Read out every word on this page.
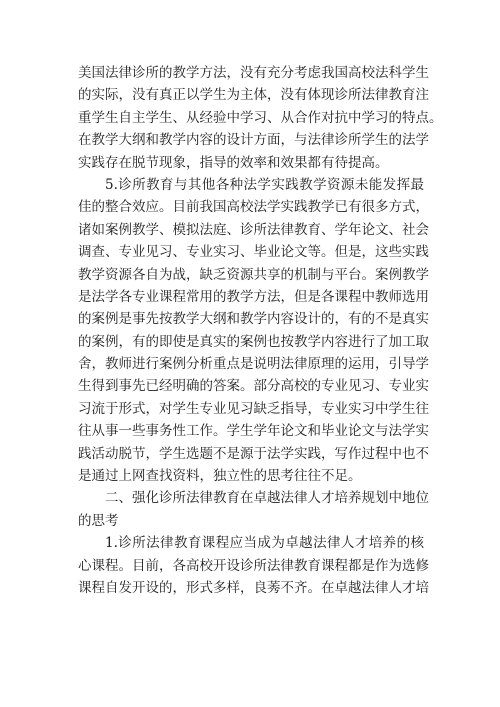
美国法律诊所的教学方法，没有充分考虑我国高校法科学生
的实际，没有真正以学生为主体，没有体现诊所法律教育注
重学生自主学生、从经验中学习、从合作对抗中学习的特点。
在教学大纲和教学内容的设计方面，与法律诊所学生的法学
实践存在脱节现象，指导的效率和效果都有待提高。
5.诊所教育与其他各种法学实践教学资源未能发挥最
佳的整合效应。目前我国高校法学实践教学已有很多方式，
诸如案例教学、模拟法庭、诊所法律教育、学年论文、社会
调查、专业见习、专业实习、毕业论文等。但是，这些实践
教学资源各自为战，缺乏资源共享的机制与平台。案例教学
是法学各专业课程常用的教学方法，但是各课程中教师选用
的案例是事先按教学大纲和教学内容设计的，有的不是真实
的案例，有的即使是真实的案例也按教学内容进行了加工取
舍，教师进行案例分析重点是说明法律原理的运用，引导学
生得到事先已经明确的答案。部分高校的专业见习、专业实
习流于形式，对学生专业见习缺乏指导，专业实习中学生往
往从事一些事务性工作。学生学年论文和毕业论文与法学实
践活动脱节，学生选题不是源于法学实践，写作过程中也不
是通过上网查找资料，独立性的思考往往不足。
二、强化诊所法律教育在卓越法律人才培养规划中地位
的思考
1.诊所法律教育课程应当成为卓越法律人才培养的核
心课程。目前，各高校开设诊所法律教育课程都是作为选修
课程自发开设的，形式多样，良莠不齐。在卓越法律人才培
